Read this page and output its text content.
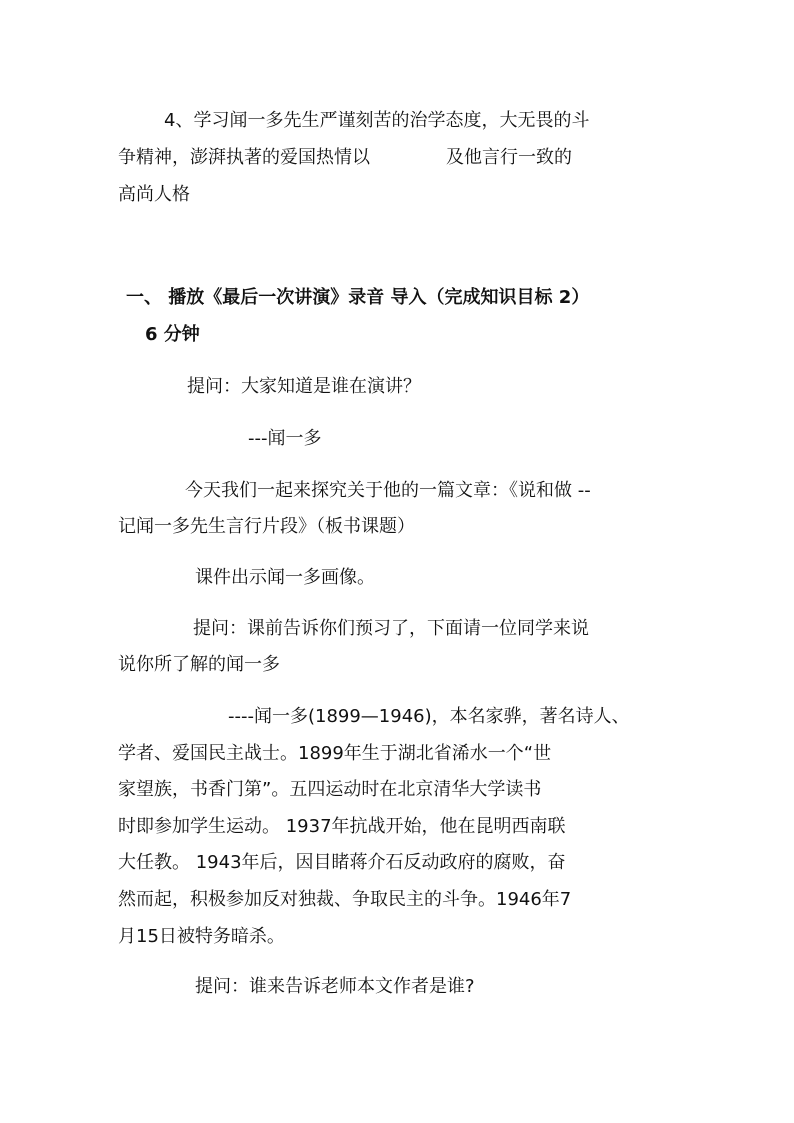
4、学习闻一多先生严谨刻苦的治学态度，大无畏的斗
争精神，澎湃执著的爱国热情以	及他言行一致的
高尚人格
一、 播放《最后一次讲演》录音 导入（完成知识目标 2）
6 分钟
提问：大家知道是谁在演讲？
---闻一多
今天我们一起来探究关于他的一篇文章：《说和做 --
记闻一多先生言行片段》（板书课题）
课件出示闻一多画像。
提问：课前告诉你们预习了，下面请一位同学来说
说你所了解的闻一多
----闻一多(1899—1946)，本名家骅，著名诗人、
学者、爱国民主战士。1899年生于湖北省浠水一个“世
家望族，书香门第”。五四运动时在北京清华大学读书
时即参加学生运动。 1937年抗战开始，他在昆明西南联
大任教。 1943年后，因目睹蒋介石反动政府的腐败，奋
然而起，积极参加反对独裁、争取民主的斗争。1946年7
月15日被特务暗杀。
提问：谁来告诉老师本文作者是谁?
